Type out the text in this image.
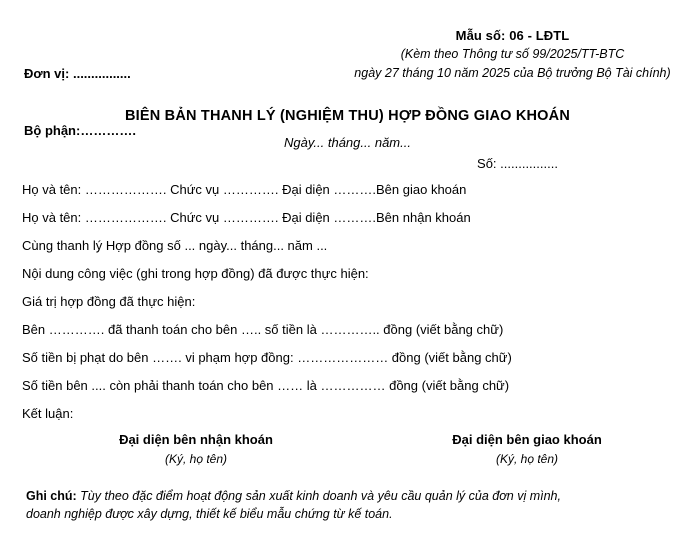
Đơn vị: ................

Bộ phận:………….

Mẫu số: 06 - LĐTL
(Kèm theo Thông tư số 99/2025/TT-BTC
ngày 27 tháng 10 năm 2025 của Bộ trưởng Bộ Tài chính)
BIÊN BẢN THANH LÝ (NGHIỆM THU) HỢP ĐỒNG GIAO KHOÁN
Ngày... tháng... năm...
Số: ................
Họ và tên: ………………. Chức vụ …………. Đại diện ……….Bên giao khoán
Họ và tên: ………………. Chức vụ …………. Đại diện ……….Bên nhận khoán
Cùng thanh lý Hợp đồng số ... ngày... tháng... năm ...
Nội dung công việc (ghi trong hợp đồng) đã được thực hiện:
Giá trị hợp đồng đã thực hiện:
Bên …………. đã thanh toán cho bên ….. số tiền là ………….. đồng (viết bằng chữ)
Số tiền bị phạt do bên ……. vi phạm hợp đồng: ………………… đồng (viết bằng chữ)
Số tiền bên .... còn phải thanh toán cho bên …… là …………… đồng (viết bằng chữ)
Kết luận:
Đại diện bên nhận khoán
(Ký, họ tên)
Đại diện bên giao khoán
(Ký, họ tên)
Ghi chú: Tùy theo đặc điểm hoạt động sản xuất kinh doanh và yêu cầu quản lý của đơn vị mình,
doanh nghiệp được xây dựng, thiết kế biểu mẫu chứng từ kế toán.
